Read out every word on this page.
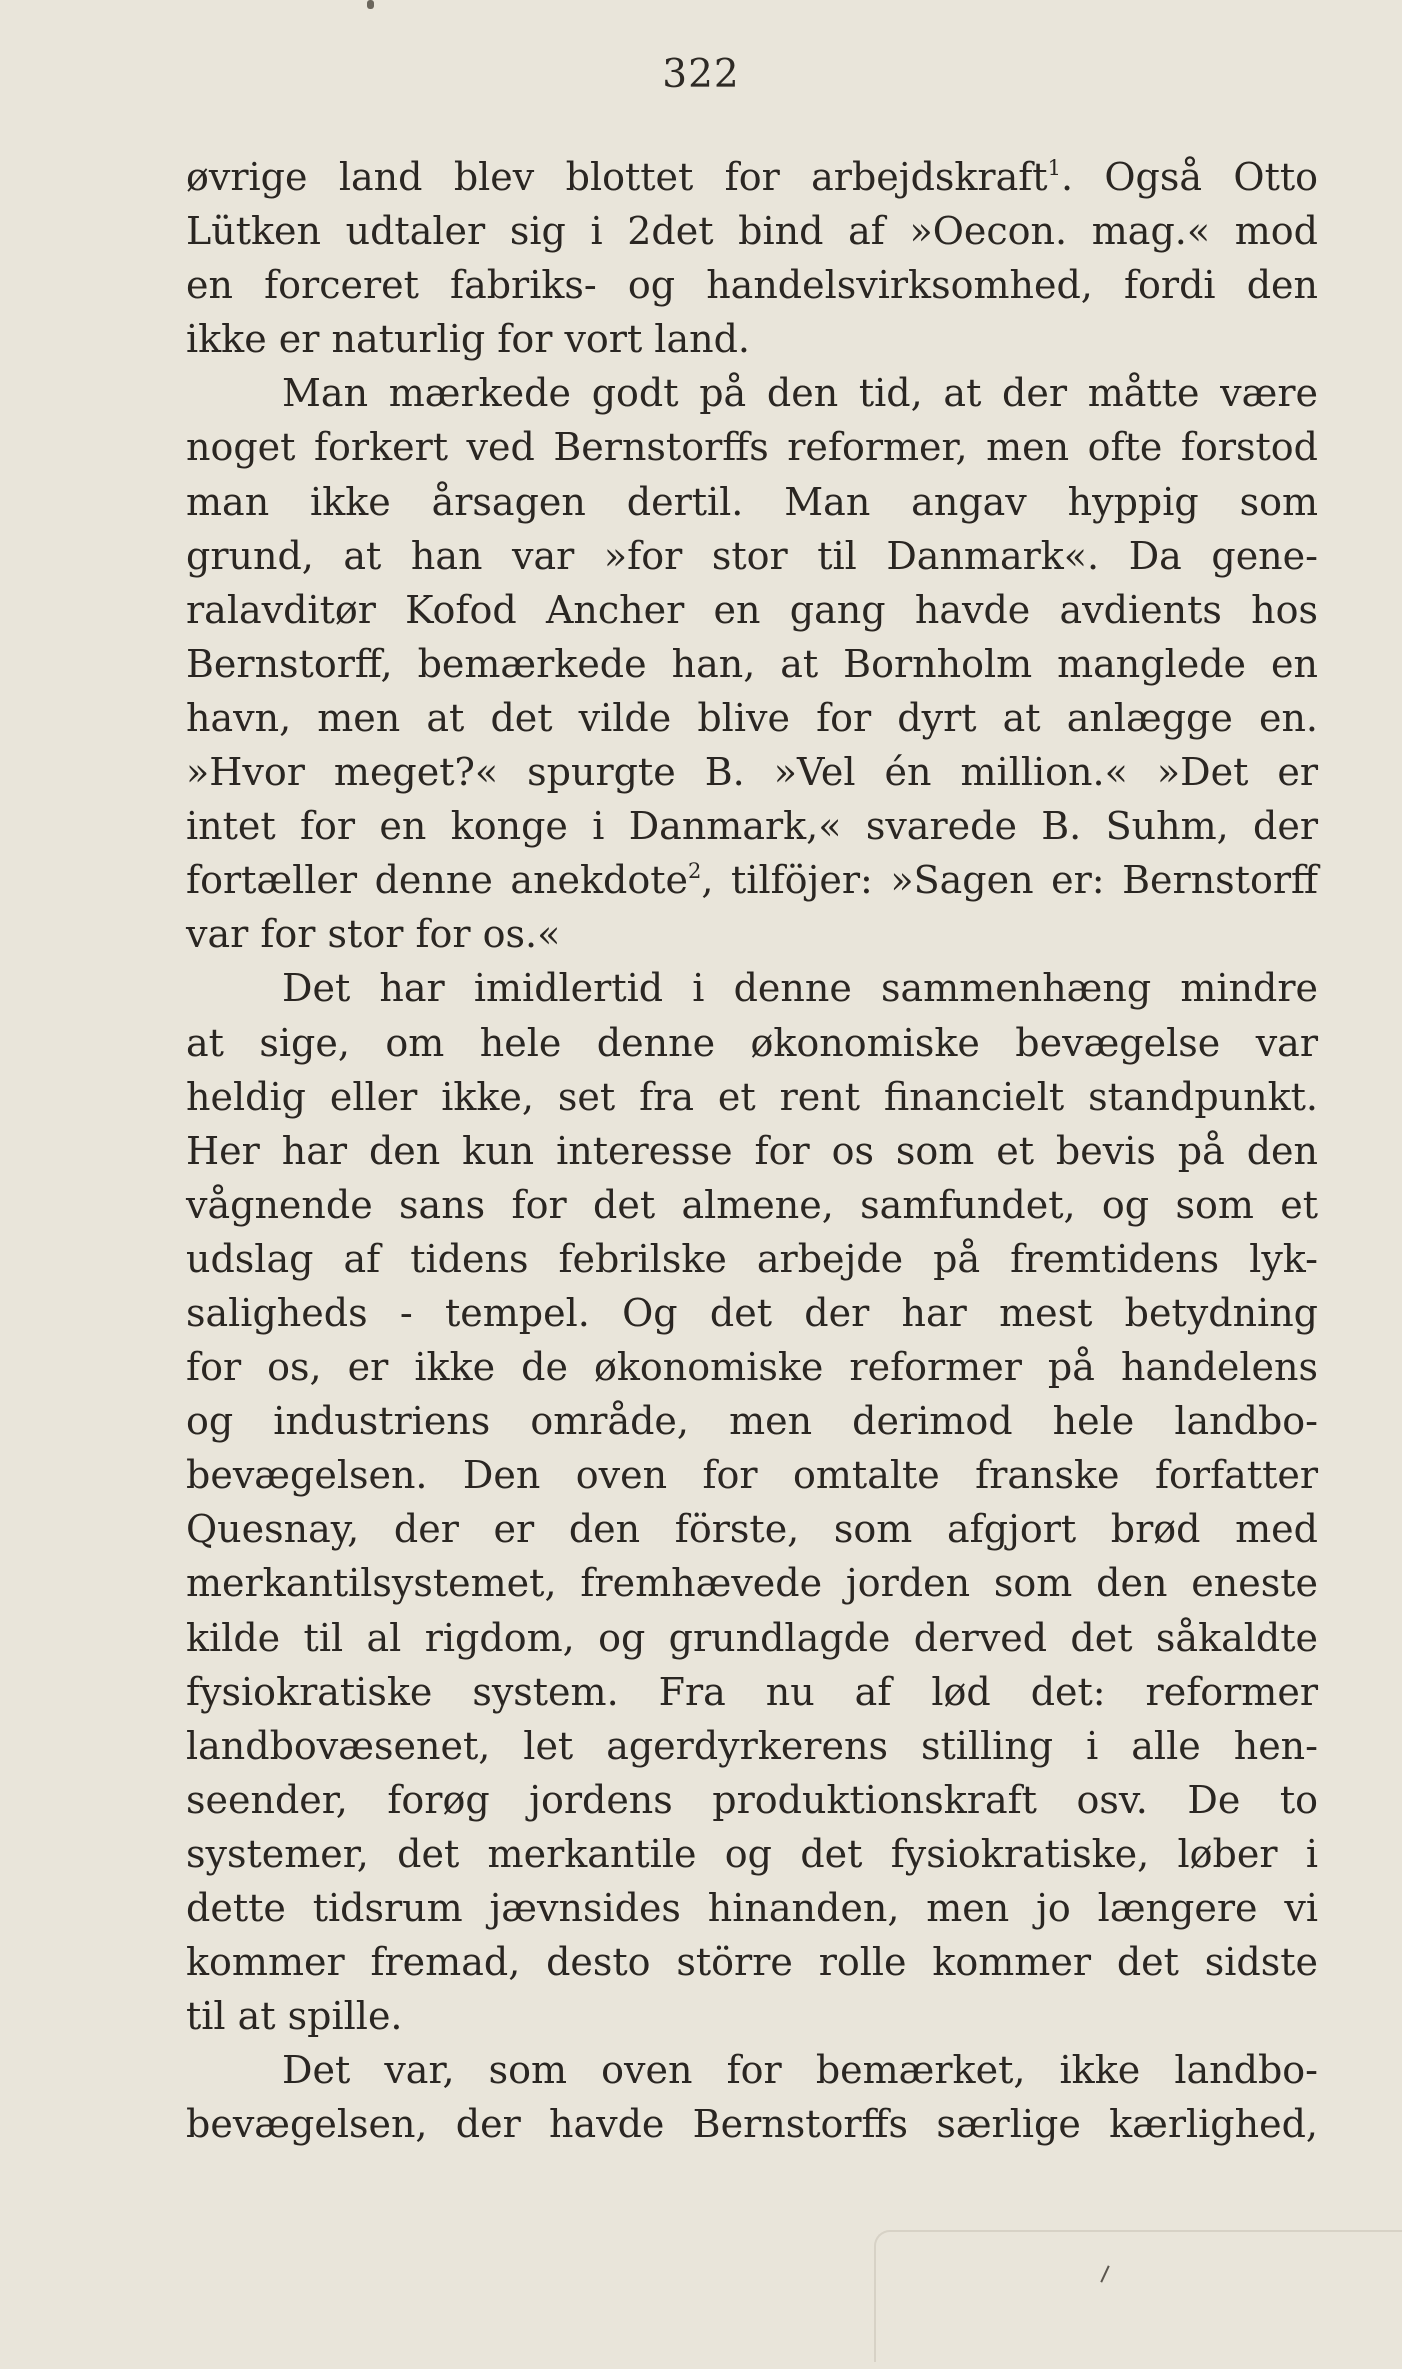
322
øvrige land blev blottet for arbejdskraft$^1$. Også Otto
Lütken udtaler sig i 2det bind af »Oecon. mag.« mod
en forceret fabriks- og handelsvirksomhed, fordi den
ikke er naturlig for vort land.
Man mærkede godt på den tid, at der måtte være
noget forkert ved Bernstorffs reformer, men ofte forstod
man ikke årsagen dertil. Man angav hyppig som
grund, at han var »for stor til Danmark«. Da gene-
ralavditør Kofod Ancher en gang havde avdients hos
Bernstorff, bemærkede han, at Bornholm manglede en
havn, men at det vilde blive for dyrt at anlægge en.
»Hvor meget?« spurgte B. »Vel én million.« »Det er
intet for en konge i Danmark,« svarede B. Suhm, der
fortæller denne anekdote$^2$, tilföjer: »Sagen er: Bernstorff
var for stor for os.«
Det har imidlertid i denne sammenhæng mindre
at sige, om hele denne økonomiske bevægelse var
heldig eller ikke, set fra et rent financielt standpunkt.
Her har den kun interesse for os som et bevis på den
vågnende sans for det almene, samfundet, og som et
udslag af tidens febrilske arbejde på fremtidens lyk-
saligheds - tempel. Og det der har mest betydning
for os, er ikke de økonomiske reformer på handelens
og industriens område, men derimod hele landbo-
bevægelsen. Den oven for omtalte franske forfatter
Quesnay, der er den förste, som afgjort brød med
merkantilsystemet, fremhævede jorden som den eneste
kilde til al rigdom, og grundlagde derved det såkaldte
fysiokratiske system. Fra nu af lød det: reformer
landbovæsenet, let agerdyrkerens stilling i alle hen-
seender, forøg jordens produktionskraft osv. De to
systemer, det merkantile og det fysiokratiske, løber i
dette tidsrum jævnsides hinanden, men jo længere vi
kommer fremad, desto större rolle kommer det sidste
til at spille.
Det var, som oven for bemærket, ikke landbo-
bevægelsen, der havde Bernstorffs særlige kærlighed,
